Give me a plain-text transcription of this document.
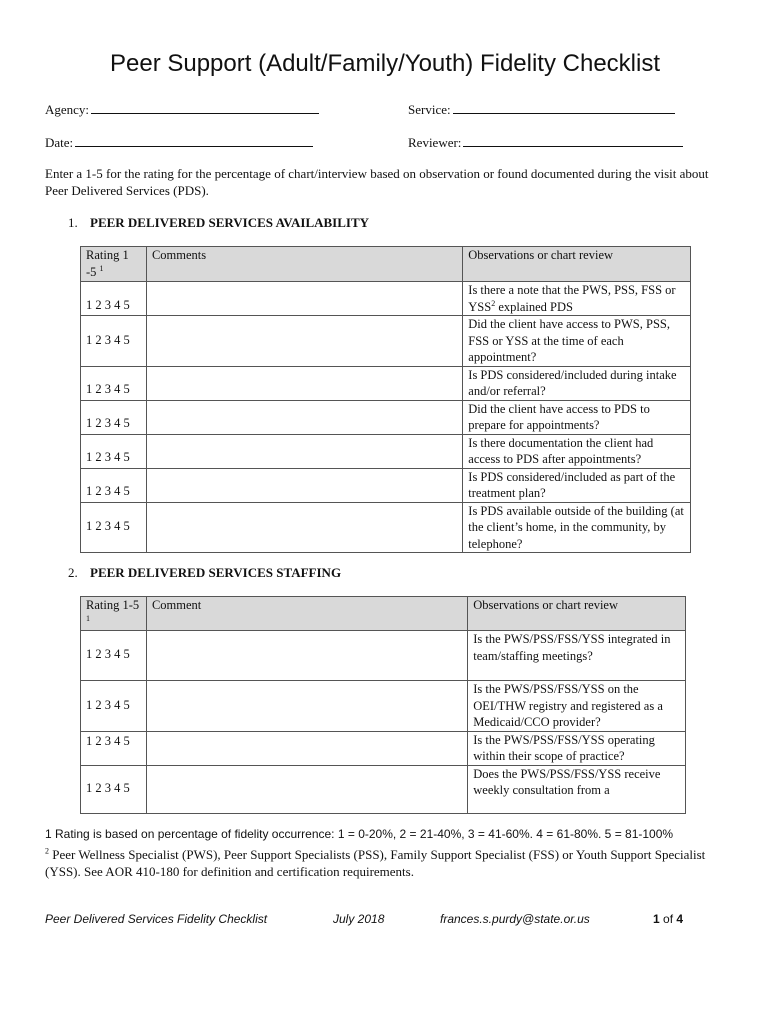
Peer Support (Adult/Family/Youth) Fidelity Checklist
Agency:	Service:
Date:	Reviewer:
Enter a 1-5 for the rating for the percentage of chart/interview based on observation or found documented during the visit about Peer Delivered Services (PDS).
1. PEER DELIVERED SERVICES AVAILABILITY
Rating 1 -5 $^1$	Comments	Observations or chart review
1 2 3 4 5		Is there a note that the PWS, PSS, FSS or YSS$^2$ explained PDS
1 2 3 4 5		Did the client have access to PWS, PSS, FSS or YSS at the time of each appointment?
1 2 3 4 5		Is PDS considered/included during intake and/or referral?
1 2 3 4 5		Did the client have access to PDS to prepare for appointments?
1 2 3 4 5		Is there documentation the client had access to PDS after appointments?
1 2 3 4 5		Is PDS considered/included as part of the treatment plan?
1 2 3 4 5		Is PDS available outside of the building (at the client’s home, in the community, by telephone?
2. PEER DELIVERED SERVICES STAFFING
Rating 1-5 $^1$	Comment	Observations or chart review
1 2 3 4 5		Is the PWS/PSS/FSS/YSS integrated in team/staffing meetings?
1 2 3 4 5		Is the PWS/PSS/FSS/YSS on the OEI/THW registry and registered as a Medicaid/CCO provider?
1 2 3 4 5		Is the PWS/PSS/FSS/YSS operating within their scope of practice?
1 2 3 4 5		Does the PWS/PSS/FSS/YSS receive weekly consultation from a
1 Rating is based on percentage of fidelity occurrence: 1 = 0-20%, 2 = 21-40%, 3 = 41-60%. 4 = 61-80%. 5 = 81-100%
$^2$ Peer Wellness Specialist (PWS), Peer Support Specialists (PSS), Family Support Specialist (FSS) or Youth Support Specialist (YSS). See AOR 410-180 for definition and certification requirements.
Peer Delivered Services Fidelity Checklist	July 2018	frances.s.purdy@state.or.us	1 of 4
